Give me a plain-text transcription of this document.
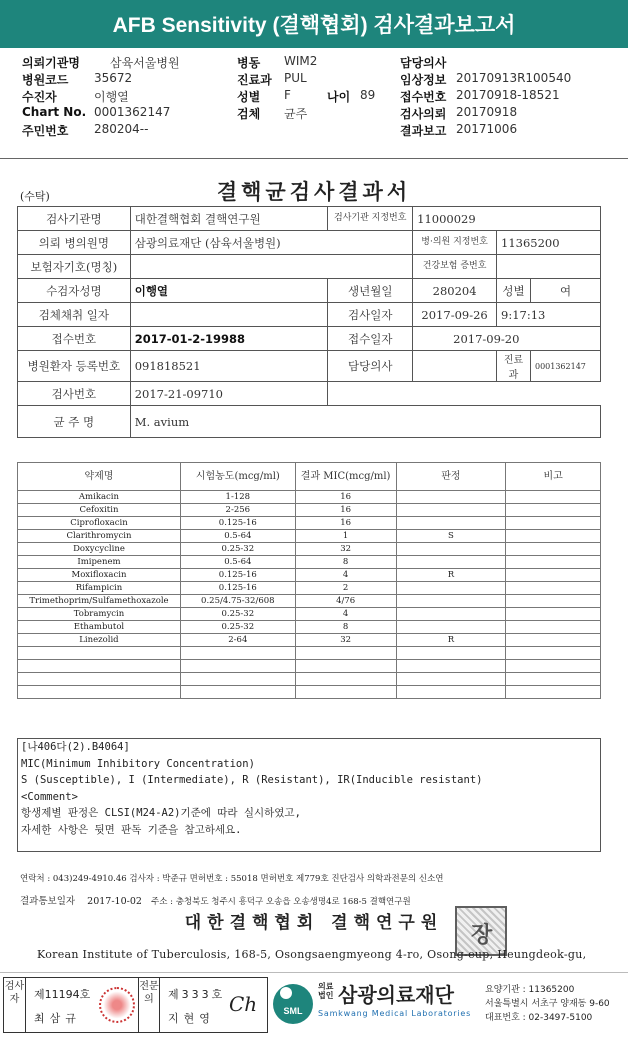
AFB Sensitivity (결핵협회) 검사결과보고서
의뢰기관명	삼육서울병원	병동 WIM2	담당의사
병원코드 35672	진료과 PUL	임상정보 20170913R100540
수진자	이행열	성별 F	나이 89 접수번호 20170918-18521
Chart No. 0001362147	검체 균주	검사의뢰 20170918
주민번호 280204--	결과보고 20171006
결핵균검사결과서
(수탁)
검사기관명	대한결핵협회 결핵연구원	검사기관 지정번호	11000029		
의뢰 병의원명	삼광의료재단 (삼육서울병원)		병·의원 지정번호	11365200	
보험자기호(명칭)			건강보험 증번호		
수검자성명	이행열	생년월일	280204	성별	여
검체채취 일자		검사일자	2017-09-26	9:17:13	
접수번호	2017-01-2-19988	접수일자	2017-09-20		
병원환자 등록번호	091818521	담당의사		진료과	0001362147
검사번호	2017-21-09710				
균 주 명	M. avium				
약제명	시험농도(mcg/ml)	결과 MIC(mcg/ml)	판정	비고
Amikacin	1-128	16		
Cefoxitin	2-256	16		
Ciprofloxacin	0.125-16	16		
Clarithromycin	0.5-64	1	S	
Doxycycline	0.25-32	32		
Imipenem	0.5-64	8		
Moxifloxacin	0.125-16	4	R	
Rifampicin	0.125-16	2		
Trimethoprim/Sulfamethoxazole	0.25/4.75-32/608	4/76		
Tobramycin	0.25-32	4		
Ethambutol	0.25-32	8		
Linezolid	2-64	32	R	

[나406다(2).B4064]
MIC(Minimum Inhibitory Concentration)
S (Susceptible), I (Intermediate), R (Resistant), IR(Inducible resistant)
<Comment>
항생제별 판정은 CLSI(M24-A2)기준에 따라 실시하였고,
자세한 사항은 뒷면 판독 기준을 참고하세요.
연락처 : 043)249-4910.46 검사자 : 박준규 면허번호 : 55018 면허번호 제779호 진단검사 의학과전문의 신소연
결과통보일자 2017-10-02 주소 : 충청북도 청주시 흥덕구 오송읍 오송생명4로 168-5 결핵연구원
대한결핵협회 결핵연구원	장
Korean Institute of Tuberculosis, 168-5, Osongsaengmyeong 4-ro, Osong-eup, Heungdeok-gu,
검사자	제11194호
최삼규
전문의	제333호
지현영
Ch	SML
의료 법인 삼광의료재단
Samkwang Medical Laboratories
요양기관 : 11365200
서울특별시 서초구 양재동 9-60
대표번호 : 02-3497-5100
